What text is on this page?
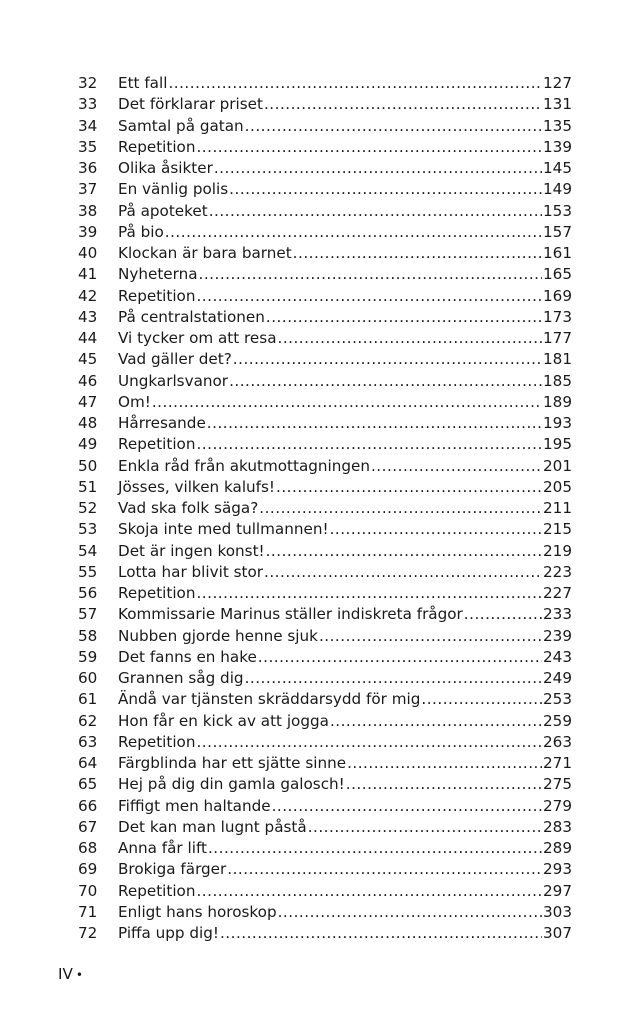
32	Ett fall .....	127
33	Det förklarar priset .....	131
34	Samtal på gatan .....	135
35	Repetition .....	139
36	Olika åsikter .....	145
37	En vänlig polis .....	149
38	På apoteket .....	153
39	På bio .....	157
40	Klockan är bara barnet .....	161
41	Nyheterna .....	165
42	Repetition .....	169
43	På centralstationen .....	173
44	Vi tycker om att resa .....	177
45	Vad gäller det? .....	181
46	Ungkarlsvanor .....	185
47	Om! .....	189
48	Hårresande .....	193
49	Repetition .....	195
50	Enkla råd från akutmottagningen .....	201
51	Jösses, vilken kalufs! .....	205
52	Vad ska folk säga? .....	211
53	Skoja inte med tullmannen! .....	215
54	Det är ingen konst! .....	219
55	Lotta har blivit stor .....	223
56	Repetition .....	227
57	Kommissarie Marinus ställer indiskreta frågor .....	233
58	Nubben gjorde henne sjuk .....	239
59	Det fanns en hake .....	243
60	Grannen såg dig .....	249
61	Ändå var tjänsten skräddarsydd för mig .....	253
62	Hon får en kick av att jogga .....	259
63	Repetition .....	263
64	Färgblinda har ett sjätte sinne .....	271
65	Hej på dig din gamla galosch! .....	275
66	Fiffigt men haltande .....	279
67	Det kan man lugnt påstå .....	283
68	Anna får lift .....	289
69	Brokiga färger .....	293
70	Repetition .....	297
71	Enligt hans horoskop .....	303
72	Piffa upp dig! .....	307
IV •
